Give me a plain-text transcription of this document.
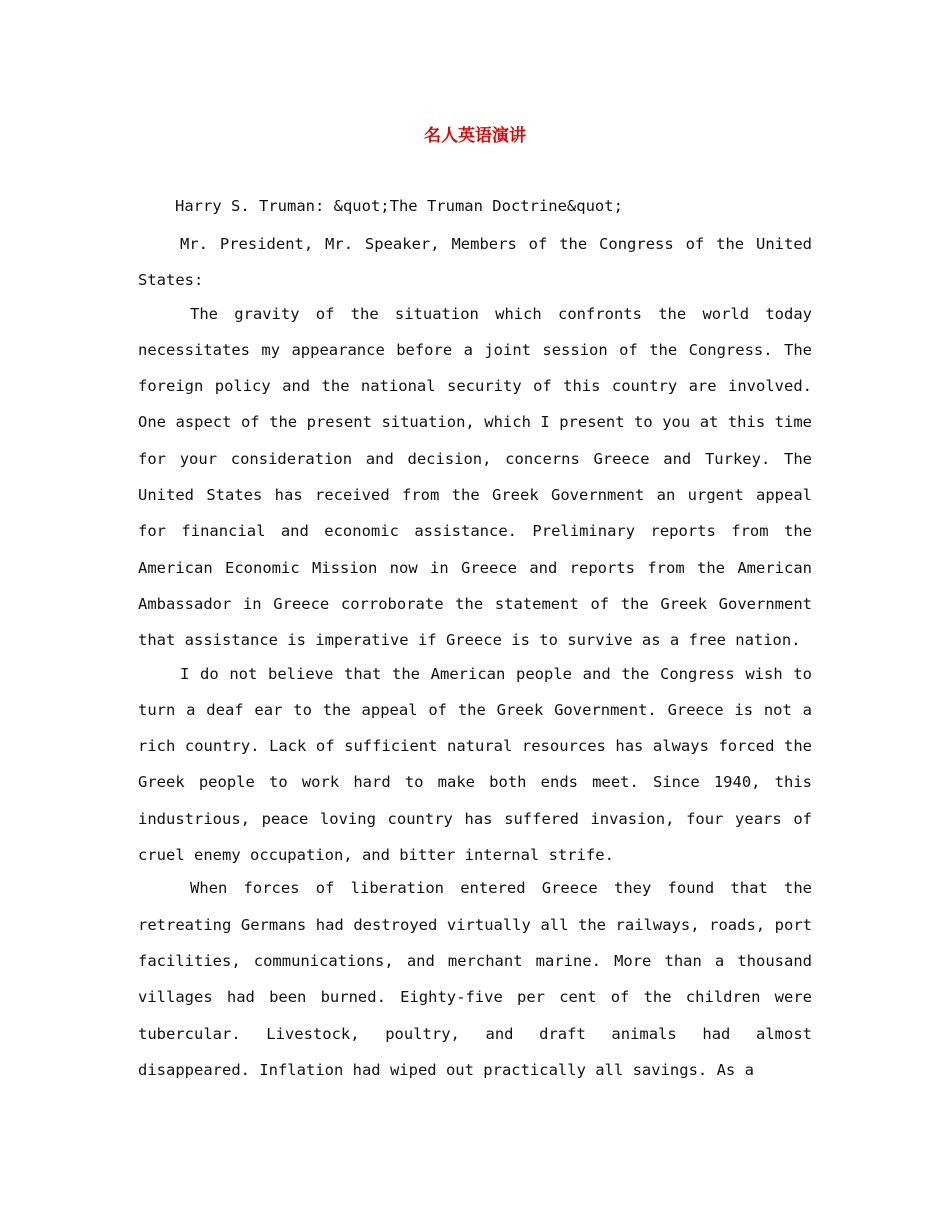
名人英语演讲

Harry S. Truman: &quot;The Truman Doctrine&quot;

Mr. President, Mr. Speaker, Members of the Congress of the United States:

The gravity of the situation which confronts the world today necessitates my appearance before a joint session of the Congress. The foreign policy and the national security of this country are involved. One aspect of the present situation, which I present to you at this time for your consideration and decision, concerns Greece and Turkey. The United States has received from the Greek Government an urgent appeal for financial and economic assistance. Preliminary reports from the American Economic Mission now in Greece and reports from the American Ambassador in Greece corroborate the statement of the Greek Government that assistance is imperative if Greece is to survive as a free nation.

I do not believe that the American people and the Congress wish to turn a deaf ear to the appeal of the Greek Government. Greece is not a rich country. Lack of sufficient natural resources has always forced the Greek people to work hard to make both ends meet. Since 1940, this industrious, peace loving country has suffered invasion, four years of cruel enemy occupation, and bitter internal strife.

When forces of liberation entered Greece they found that the retreating Germans had destroyed virtually all the railways, roads, port facilities, communications, and merchant marine. More than a thousand villages had been burned. Eighty-five per cent of the children were tubercular. Livestock, poultry, and draft animals had almost disappeared. Inflation had wiped out practically all savings. As a
